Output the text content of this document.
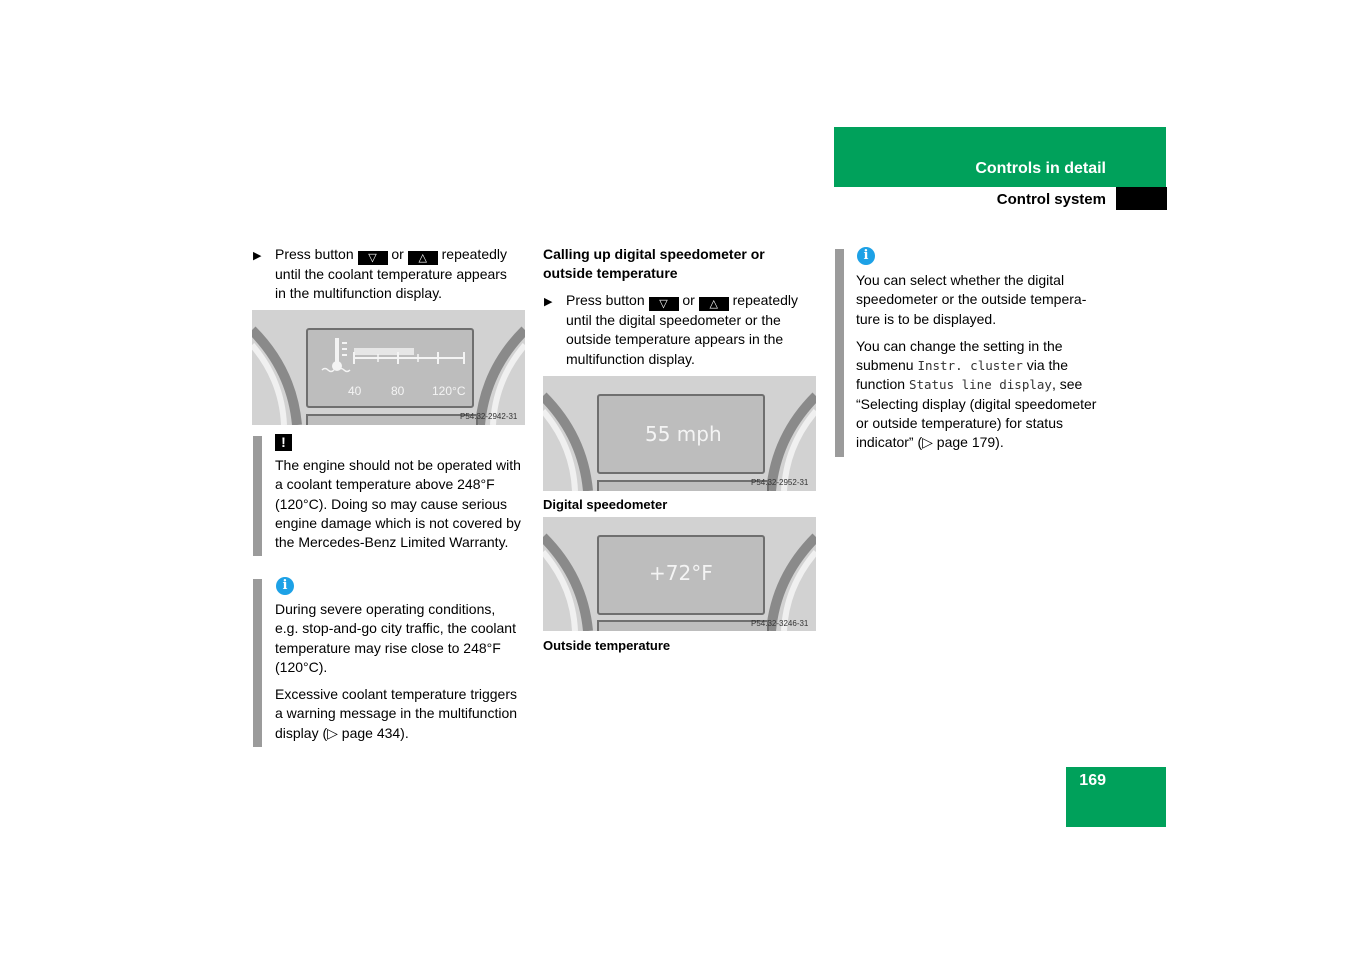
Controls in detail
Control system
▶ Press button ▽ or △ repeatedly

until the coolant temperature appears

in the multifunction display.

40 80 120°C
P54.32-2942-31
!

The engine should not be operated with

a coolant temperature above 248°F

(120°C). Doing so may cause serious

engine damage which is not covered by

the Mercedes-Benz Limited Warranty.

i

During severe operating conditions,

e.g. stop-and-go city traffic, the coolant

temperature may rise close to 248°F

(120°C).

Excessive coolant temperature triggers

a warning message in the multifunction

display (▷ page 434).

Calling up digital speedometer or

outside temperature

▶ Press button ▽ or △ repeatedly

until the digital speedometer or the

outside temperature appears in the

multifunction display.

55 mph
P54.32-2952-31
Digital speedometer
+72°F
P54.32-3246-31
Outside temperature
i

You can select whether the digital

speedometer or the outside tempera-

ture is to be displayed.

You can change the setting in the

submenu Instr. cluster via the

function Status line display, see

“Selecting display (digital speedometer

or outside temperature) for status

indicator” (▷ page 179).

169
